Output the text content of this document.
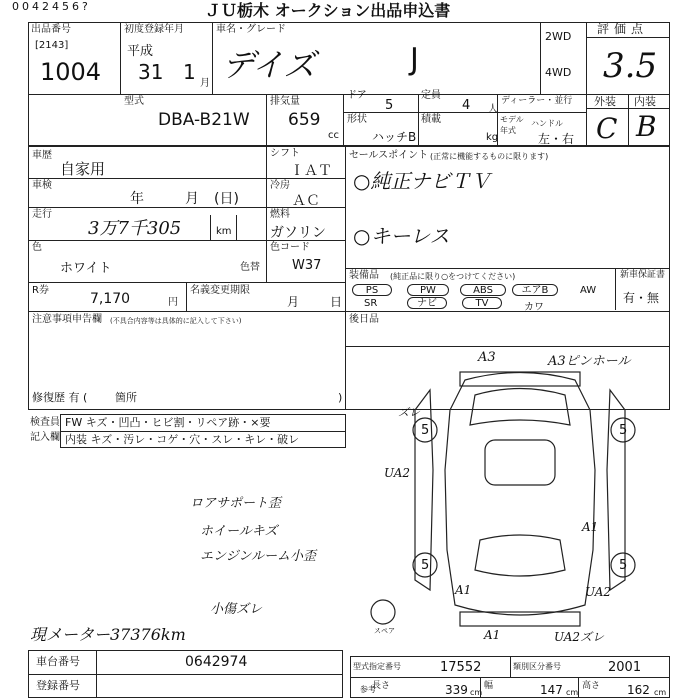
0042456?	ＪＵ栃木 オークション出品申込書
出品番号
[2143]
1004
初度登録年月
平成
31 1 月
車名・グレード
デイズ	J
2WD
4WD
評価点
3.5
外装 内装
C B
型式
DBA-B21W
排気量
659
cc
ドア
5
定員
4 人
ディーラー・並行
形状
ハッチB
積載
kg
モデル 年式
ハンドル
左・右
車歴
自家用
車検
年	月 (日)
走行
3万7千305	km
色
ホワイト	色替
シフト
ＩＡＴ
冷房
ＡＣ
燃料
ガソリン
色コード
W37
R券
7,170	円
名義変更期限
月	日
注意事項申告欄 (不具合内容等は具体的に記入して下さい)
修復歴 有 (	箇所	)
セールスポイント (正常に機能するものに限ります)
○純正ナビＴＶ
○キーレス
装備品 (純正品に限り○をつけてください)	新車保証書
有・無
PS	PW	ABS	エアB	AW
SR	ナビ	TV	カワ
後日品
検査員
記入欄
FW キズ・凹凸・ヒビ割・リペア跡・×要
内装 キズ・汚レ・コゲ・穴・スレ・キレ・破レ
ロアサポート歪
ホイールキズ
エンジンルーム小歪
小傷ズレ
現メーター37376km
5	5
5	5
スペア
A3	A3ピンホール
ズレ
UA2
A1
A1	UA2
A1	UA2ズレ
車台番号	0642974
登録番号
型式指定番号	17552	類別区分番号	2001
参考
長さ	339 cm
幅	147 cm
高さ 162 cm
